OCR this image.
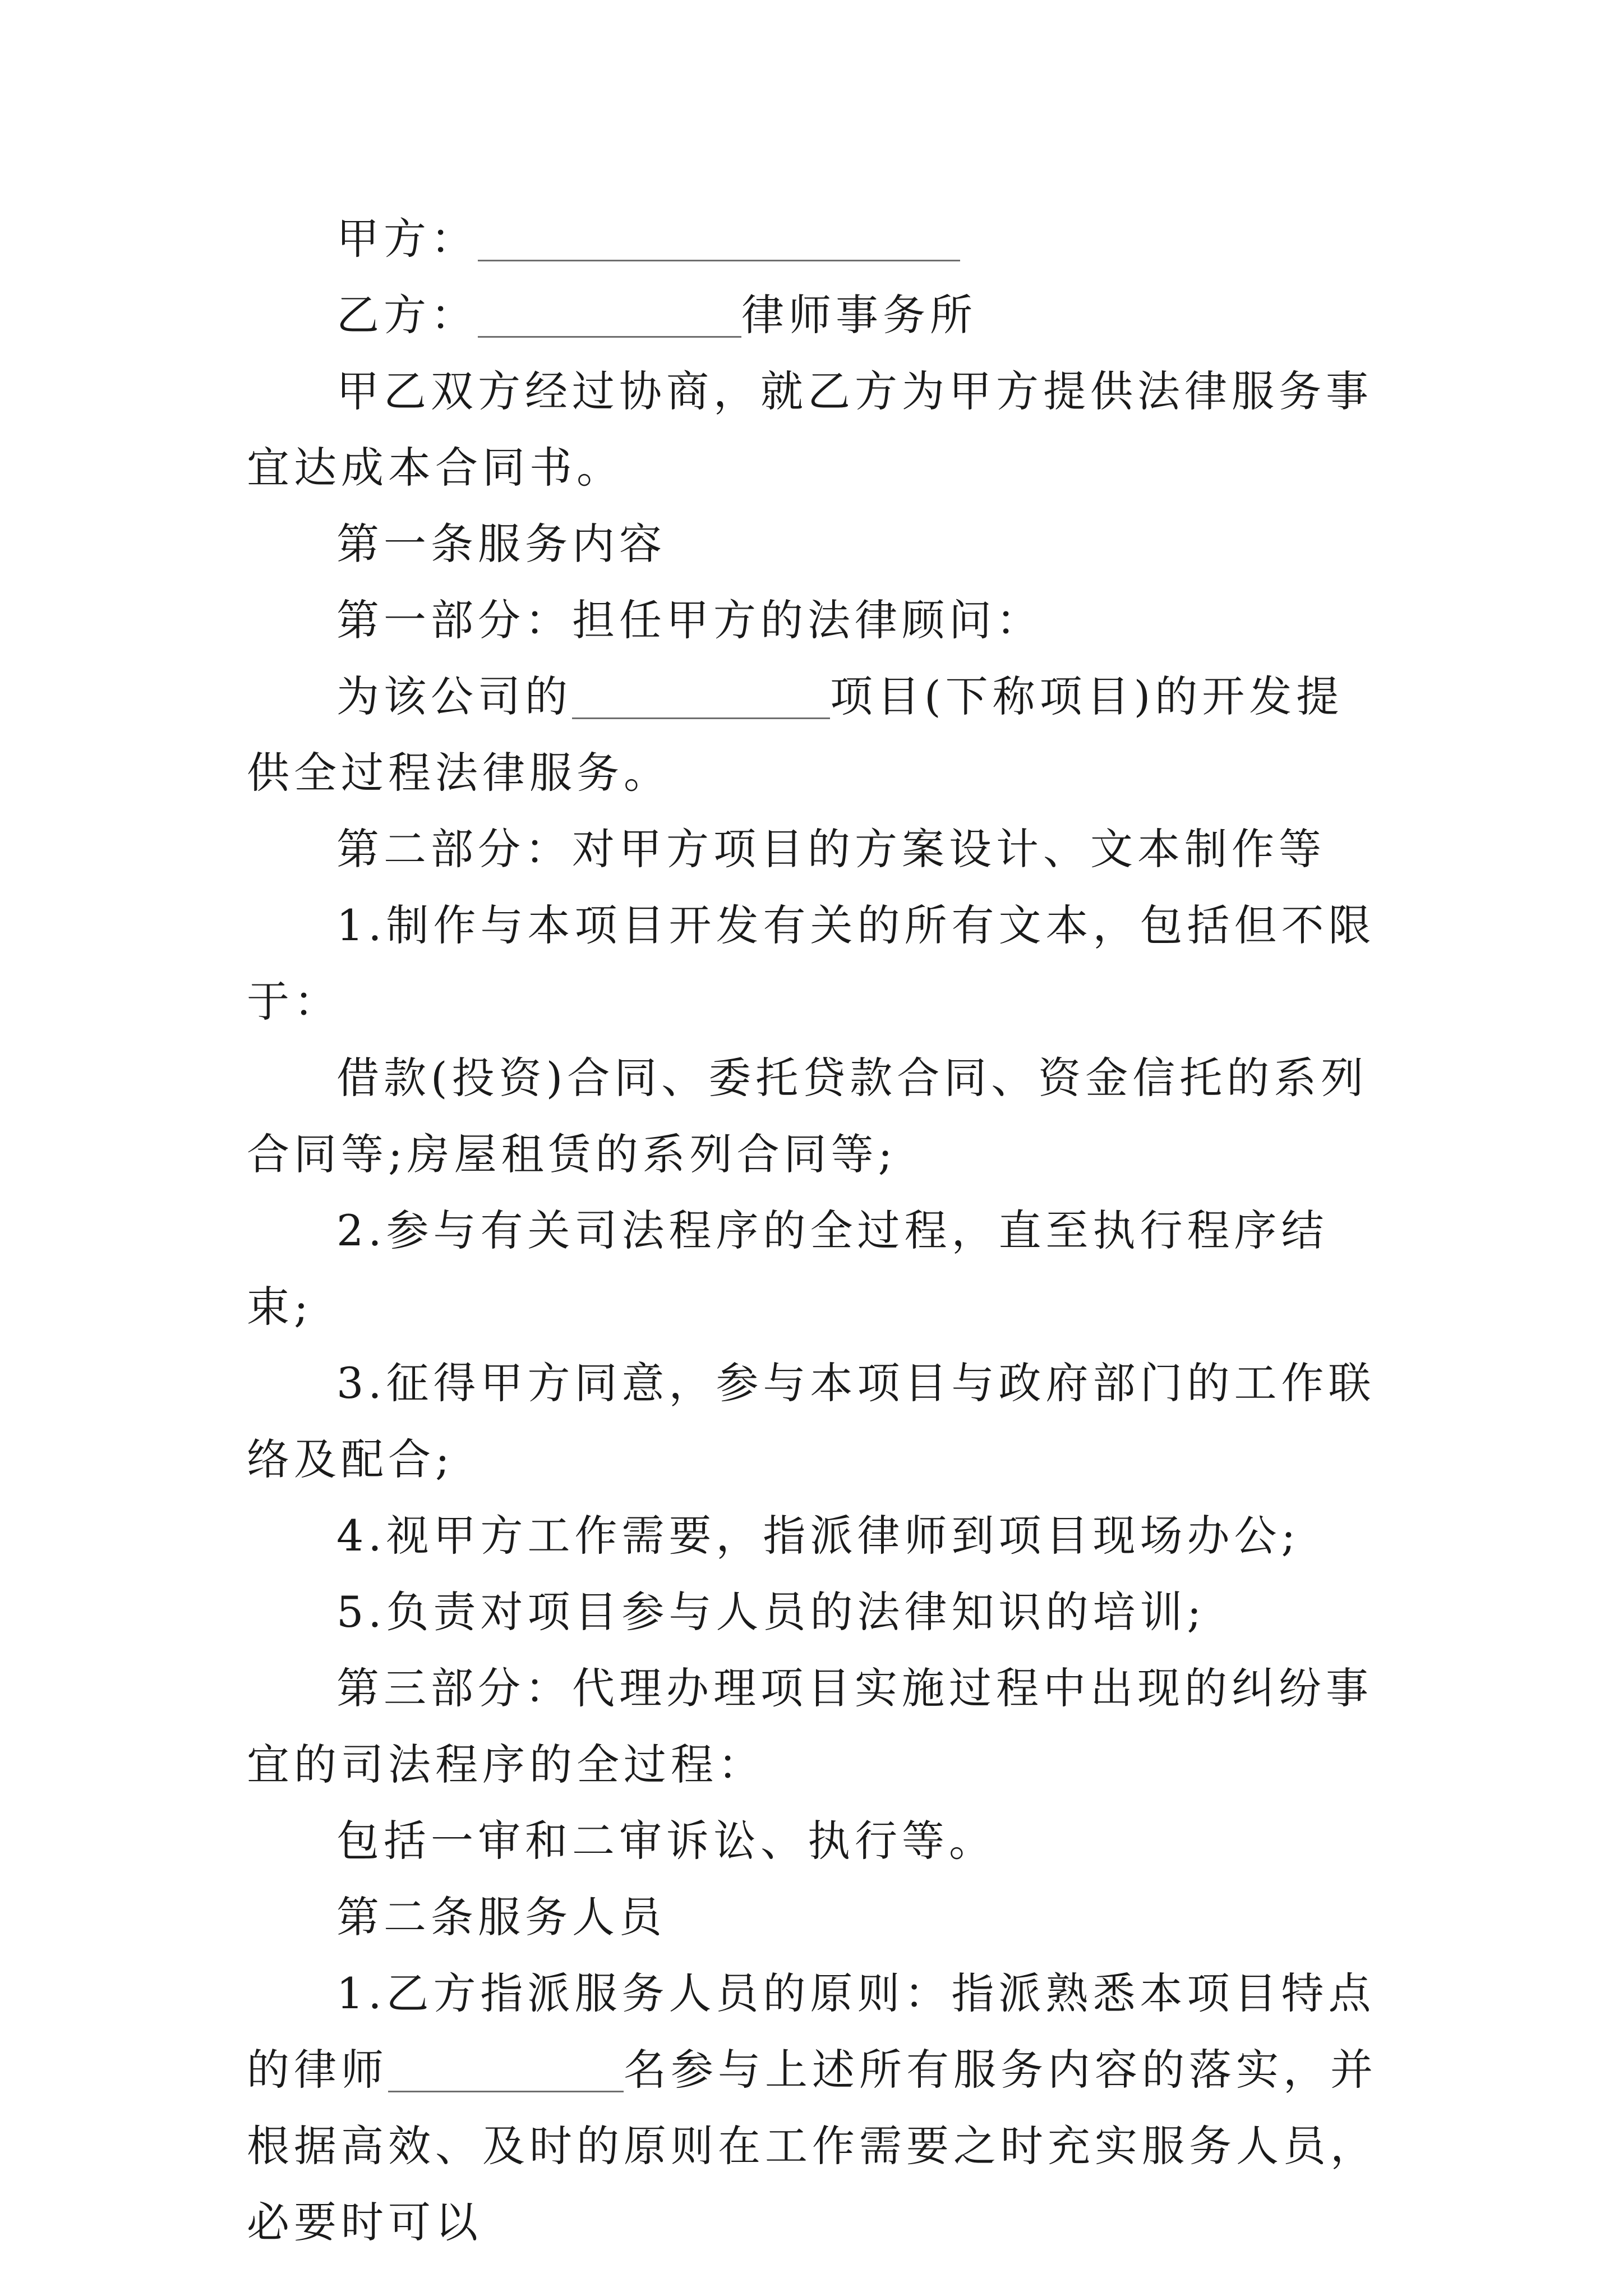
甲方：

乙方：	律师事务所

甲乙双方经过协商，就乙方为甲方提供法律服务事宜达成本合同书。

第一条服务内容

第一部分：担任甲方的法律顾问：

为该公司的	项目(下称项目)的开发提供全过程法律服务。

第二部分：对甲方项目的方案设计、文本制作等

1.制作与本项目开发有关的所有文本，包括但不限于：

借款(投资)合同、委托贷款合同、资金信托的系列合同等;房屋租赁的系列合同等;

2.参与有关司法程序的全过程，直至执行程序结束;

3.征得甲方同意，参与本项目与政府部门的工作联络及配合;

4.视甲方工作需要，指派律师到项目现场办公;

5.负责对项目参与人员的法律知识的培训;

第三部分：代理办理项目实施过程中出现的纠纷事宜的司法程序的全过程：

包括一审和二审诉讼、执行等。

第二条服务人员

1.乙方指派服务人员的原则：指派熟悉本项目特点的律师	名参与上述所有服务内容的落实，并根据高效、及时的原则在工作需要之时充实服务人员，必要时可以
